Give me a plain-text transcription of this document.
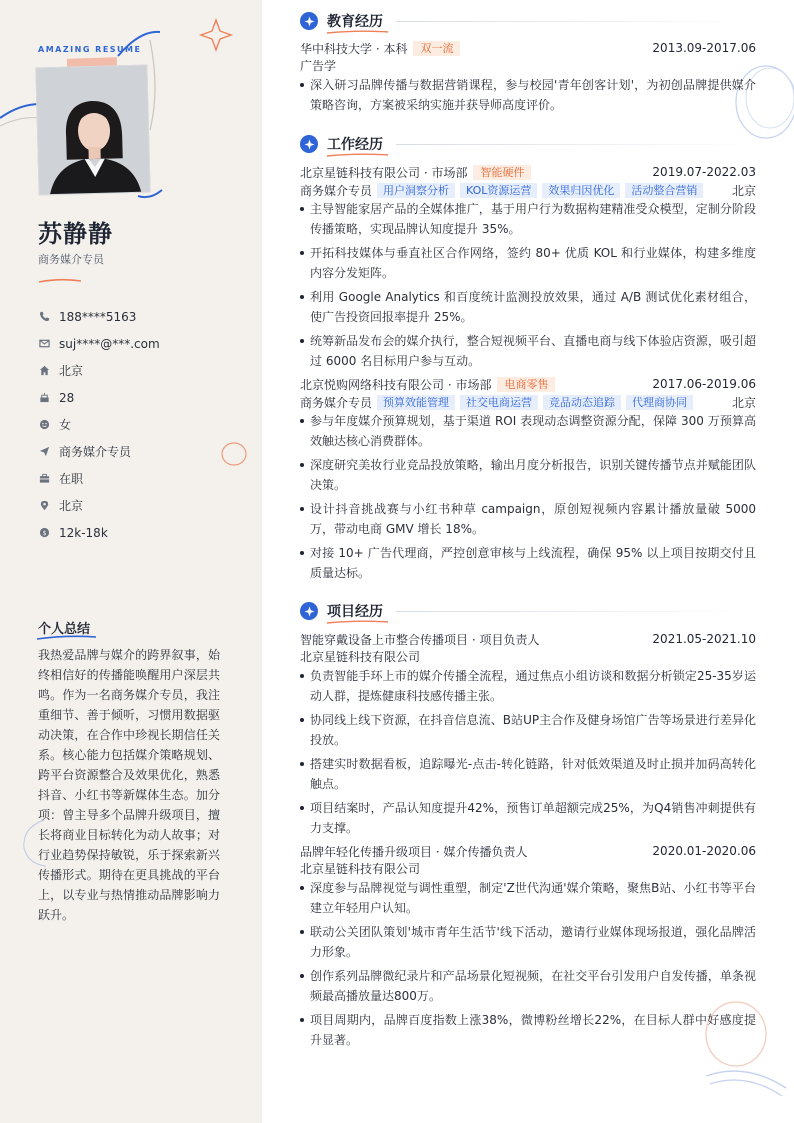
AMAZING RESUME
苏静静
商务媒介专员
188****5163
suj****@***.com
北京
28
女
商务媒介专员
在职
北京
$ 12k-18k
个人总结

我热爱品牌与媒介的跨界叙事，始终相信好的传播能唤醒用户深层共鸣。作为一名商务媒介专员，我注重细节、善于倾听，习惯用数据驱动决策，在合作中珍视长期信任关系。核心能力包括媒介策略规划、跨平台资源整合及效果优化，熟悉抖音、小红书等新媒体生态。加分项：曾主导多个品牌升级项目，擅长将商业目标转化为动人故事；对行业趋势保持敏锐，乐于探索新兴传播形式。期待在更具挑战的平台上，以专业与热情推动品牌影响力跃升。

教育经历
华中科技大学 · 本科	双一流	2013.09-2017.06
广告学
深入研习品牌传播与数据营销课程，参与校园'青年创客计划'，为初创品牌提供媒介策略咨询，方案被采纳实施并获导师高度评价。
工作经历
北京星链科技有限公司 · 市场部	智能硬件	2019.07-2022.03
商务媒介专员	用户洞察分析	KOL资源运营	效果归因优化	活动整合营销	北京
主导智能家居产品的全媒体推广，基于用户行为数据构建精准受众模型，定制分阶段传播策略，实现品牌认知度提升 35%。
开拓科技媒体与垂直社区合作网络，签约 80+ 优质 KOL 和行业媒体，构建多维度内容分发矩阵。
利用 Google Analytics 和百度统计监测投放效果，通过 A/B 测试优化素材组合，使广告投资回报率提升 25%。
统筹新品发布会的媒介执行，整合短视频平台、直播电商与线下体验店资源，吸引超过 6000 名目标用户参与互动。
北京悦购网络科技有限公司 · 市场部	电商零售	2017.06-2019.06
商务媒介专员	预算效能管理	社交电商运营	竞品动态追踪	代理商协同	北京
参与年度媒介预算规划，基于渠道 ROI 表现动态调整资源分配，保障 300 万预算高效触达核心消费群体。
深度研究美妆行业竞品投放策略，输出月度分析报告，识别关键传播节点并赋能团队决策。
设计抖音挑战赛与小红书种草 campaign，原创短视频内容累计播放量破 5000 万，带动电商 GMV 增长 18%。
对接 10+ 广告代理商，严控创意审核与上线流程，确保 95% 以上项目按期交付且质量达标。
项目经历
智能穿戴设备上市整合传播项目 · 项目负责人	2021.05-2021.10
北京星链科技有限公司
负责智能手环上市的媒介传播全流程，通过焦点小组访谈和数据分析锁定25-35岁运动人群，提炼健康科技感传播主张。
协同线上线下资源，在抖音信息流、B站UP主合作及健身场馆广告等场景进行差异化投放。
搭建实时数据看板，追踪曝光-点击-转化链路，针对低效渠道及时止损并加码高转化触点。
项目结案时，产品认知度提升42%，预售订单超额完成25%，为Q4销售冲刺提供有力支撑。
品牌年轻化传播升级项目 · 媒介传播负责人	2020.01-2020.06
北京星链科技有限公司
深度参与品牌视觉与调性重塑，制定'Z世代沟通'媒介策略，聚焦B站、小红书等平台建立年轻用户认知。
联动公关团队策划'城市青年生活节'线下活动，邀请行业媒体现场报道，强化品牌活力形象。
创作系列品牌微纪录片和产品场景化短视频，在社交平台引发用户自发传播，单条视频最高播放量达800万。
项目周期内，品牌百度指数上涨38%，微博粉丝增长22%，在目标人群中好感度提升显著。
